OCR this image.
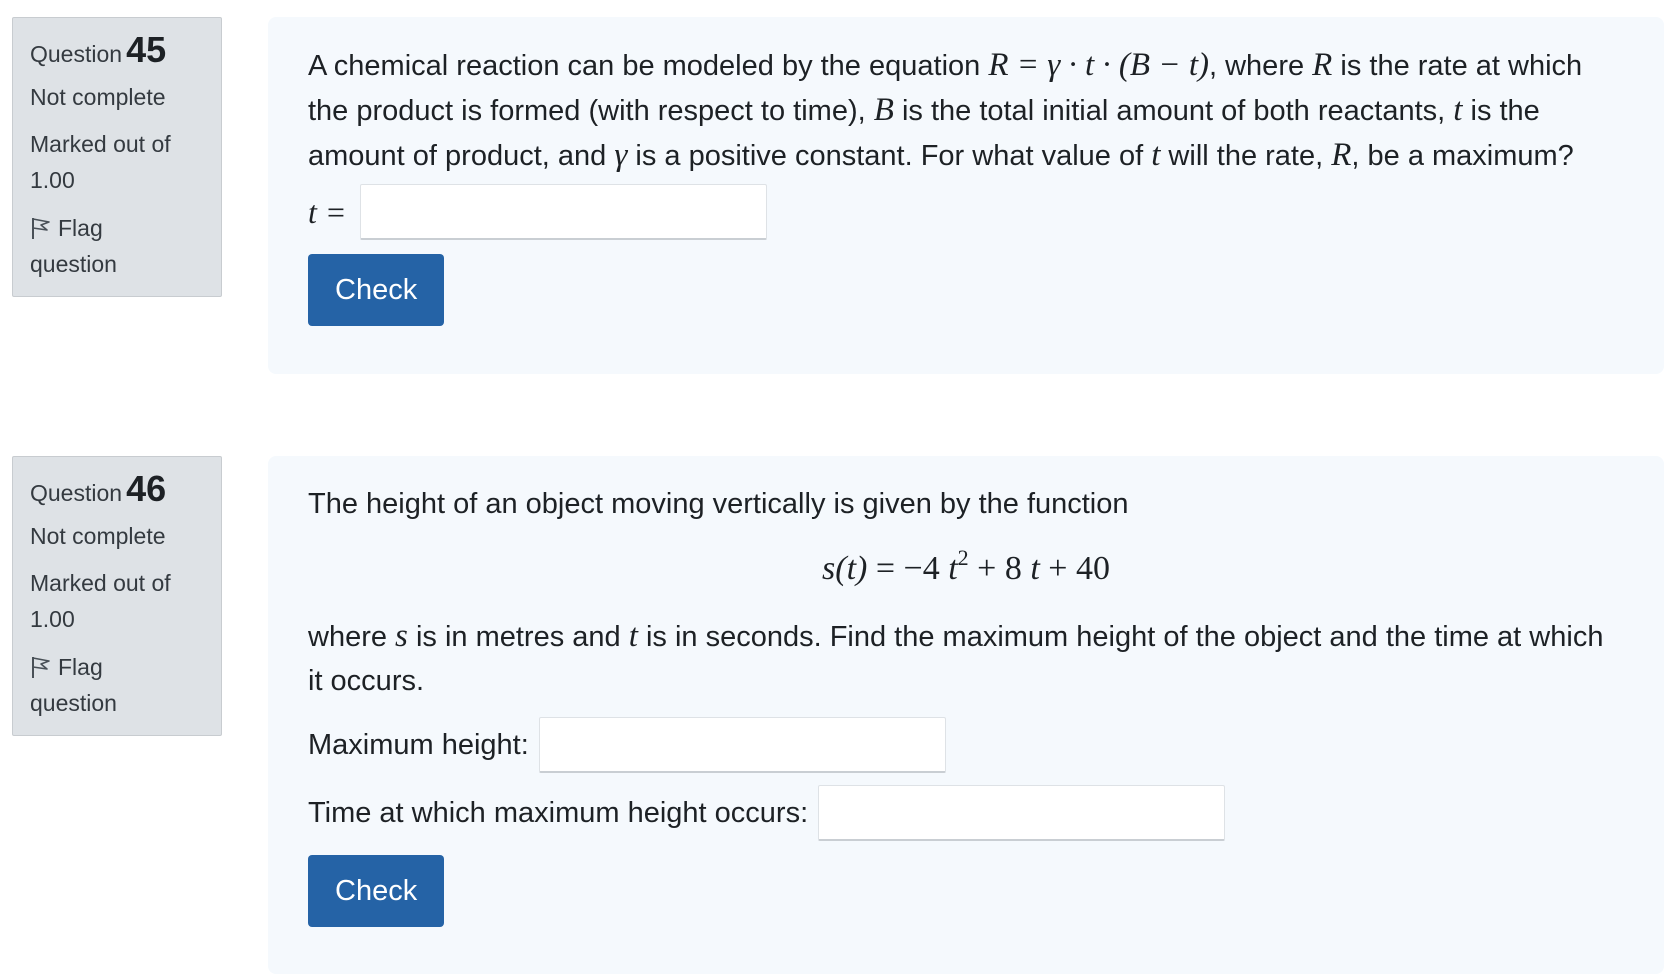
Question 45
Not complete
Marked out of
1.00
Flag
question
A chemical reaction can be modeled by the equation R = γ · t · (B − t), where R is the rate at which the product is formed (with respect to time), B is the total initial amount of both reactants, t is the amount of product, and γ is a positive constant. For what value of t will the rate, R, be a maximum?
t =
Check
Question 46
Not complete
Marked out of
1.00
Flag
question
The height of an object moving vertically is given by the function
s(t) = −4 $t^2 + 8$ t + 40
where s is in metres and t is in seconds. Find the maximum height of the object and the time at which it occurs.
Maximum height:
Time at which maximum height occurs:
Check
